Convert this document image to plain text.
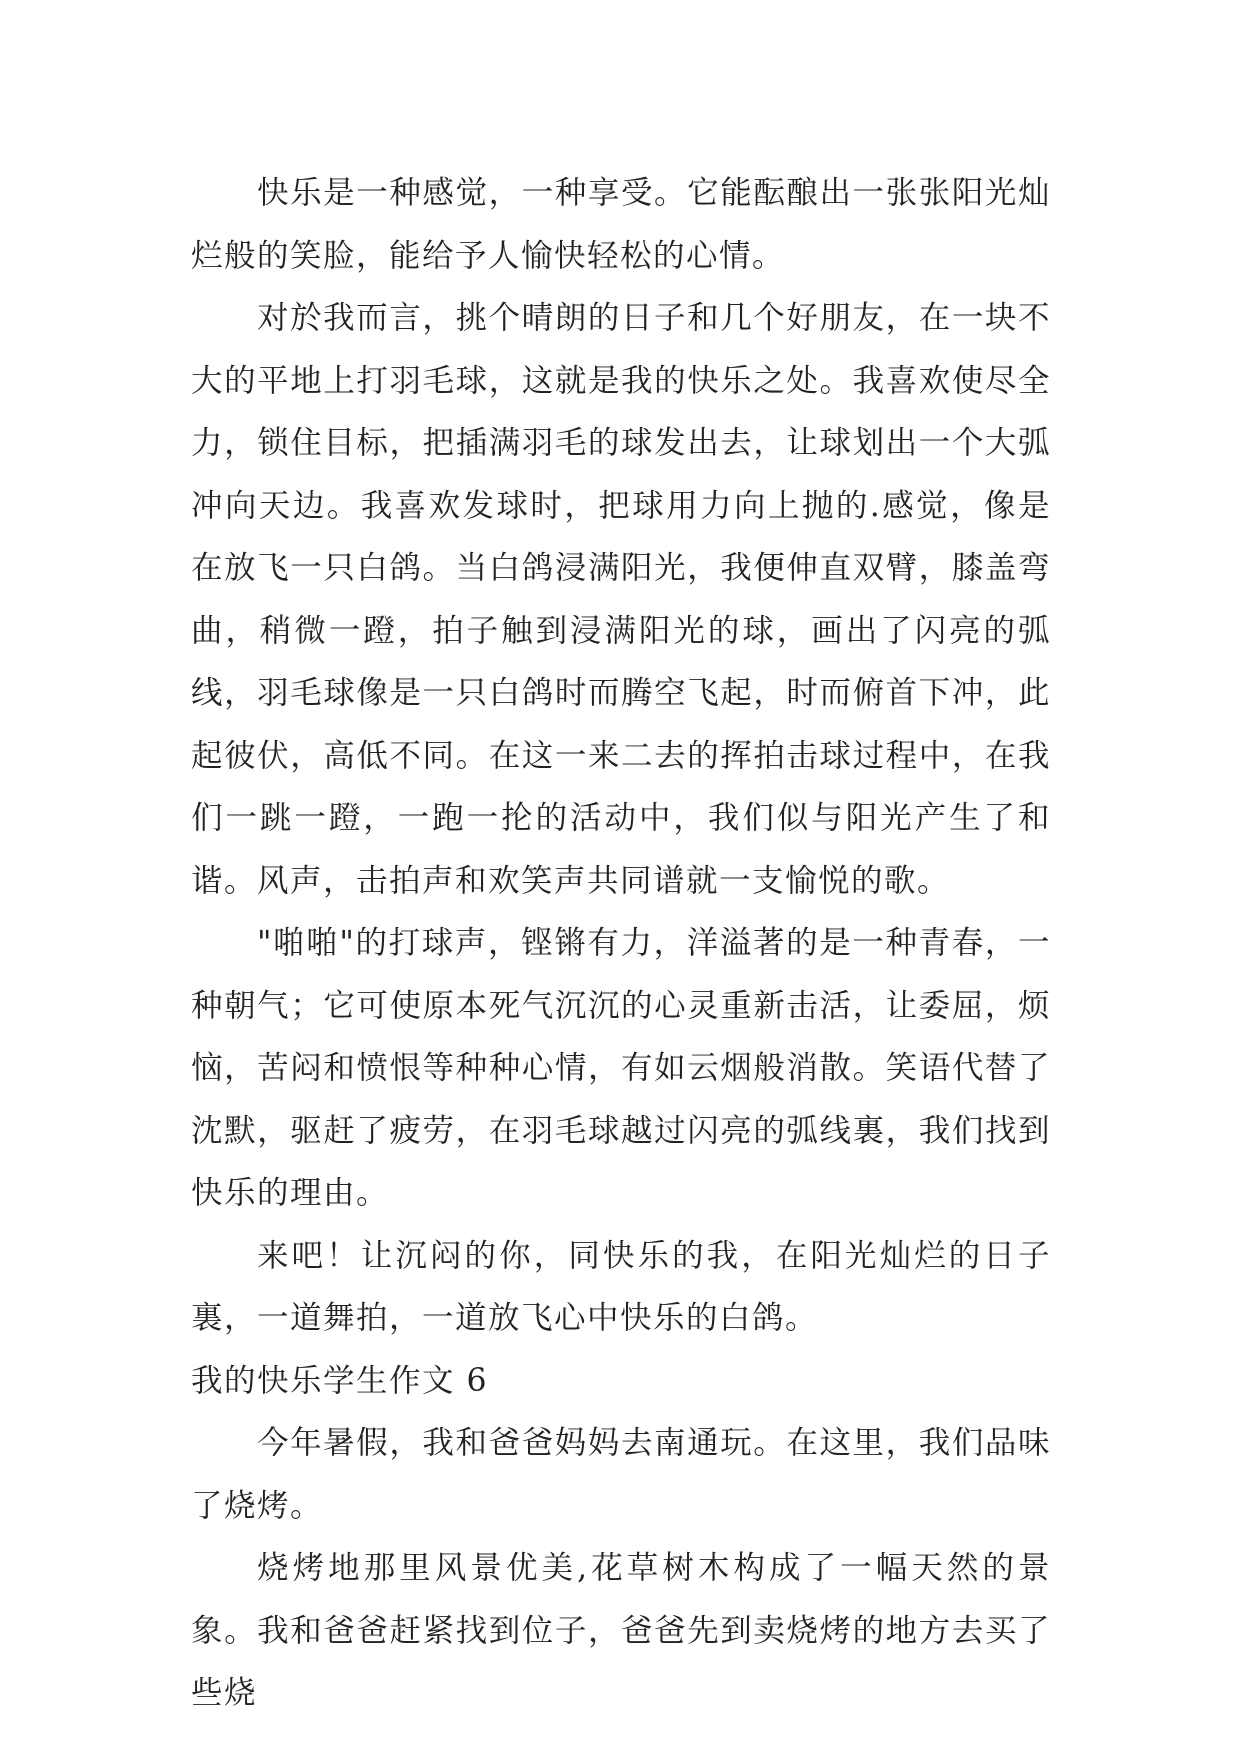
快乐是一种感觉，一种享受。它能酝酿出一张张阳光灿烂般的笑脸，能给予人愉快轻松的心情。

对於我而言，挑个晴朗的日子和几个好朋友，在一块不大的平地上打羽毛球，这就是我的快乐之处。我喜欢使尽全力，锁住目标，把插满羽毛的球发出去，让球划出一个大弧冲向天边。我喜欢发球时，把球用力向上抛的.感觉，像是在放飞一只白鸽。当白鸽浸满阳光，我便伸直双臂，膝盖弯曲，稍微一蹬，拍子触到浸满阳光的球，画出了闪亮的弧线，羽毛球像是一只白鸽时而腾空飞起，时而俯首下冲，此起彼伏，高低不同。在这一来二去的挥拍击球过程中，在我们一跳一蹬，一跑一抡的活动中，我们似与阳光产生了和谐。风声，击拍声和欢笑声共同谱就一支愉悦的歌。

"啪啪"的打球声，铿锵有力，洋溢著的是一种青春，一种朝气；它可使原本死气沉沉的心灵重新击活，让委屈，烦恼，苦闷和愤恨等种种心情，有如云烟般消散。笑语代替了沈默，驱赶了疲劳，在羽毛球越过闪亮的弧线裏，我们找到快乐的理由。

来吧！让沉闷的你，同快乐的我，在阳光灿烂的日子裏，一道舞拍，一道放飞心中快乐的白鸽。

我的快乐学生作文 6

今年暑假，我和爸爸妈妈去南通玩。在这里，我们品味了烧烤。

烧烤地那里风景优美,花草树木构成了一幅天然的景象。我和爸爸赶紧找到位子，爸爸先到卖烧烤的地方去买了些烧
